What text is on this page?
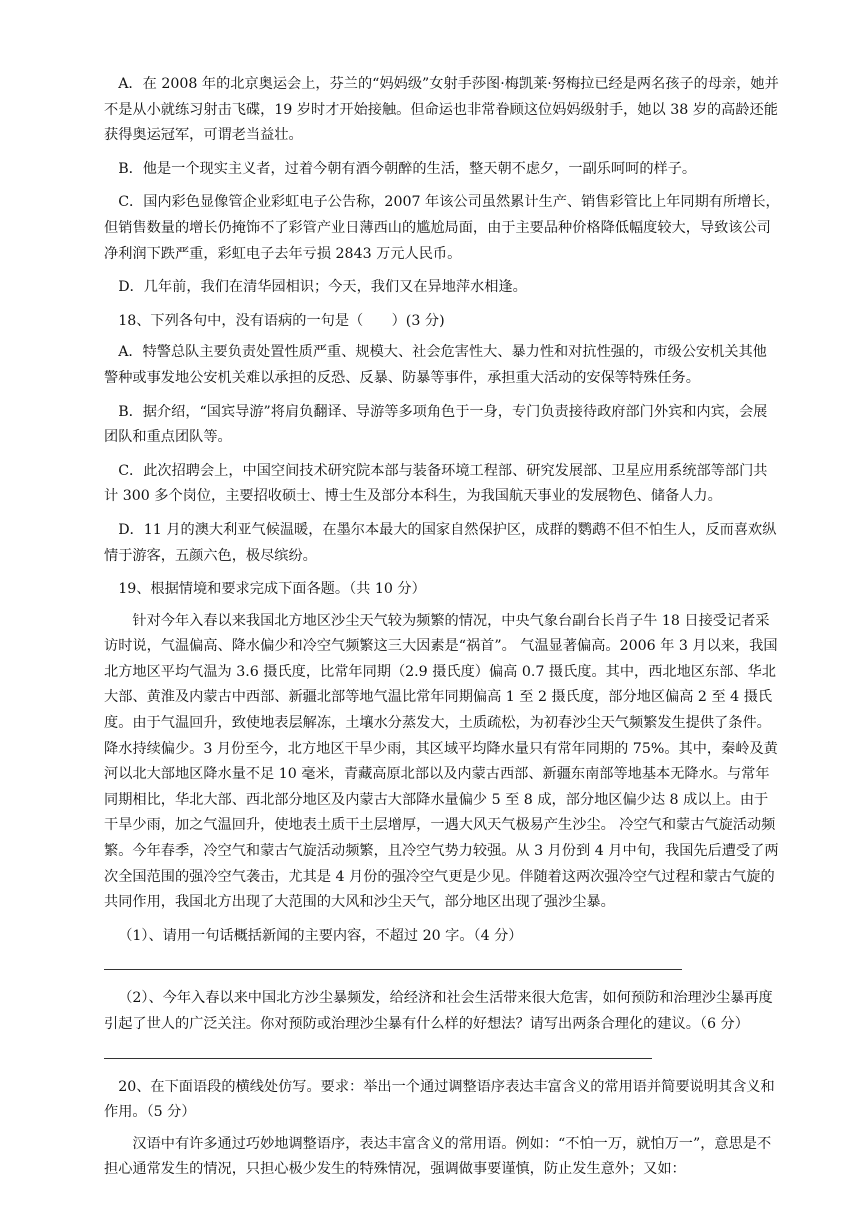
A．在 2008 年的北京奥运会上，芬兰的“妈妈级”女射手莎图·梅凯莱·努梅拉已经是两名孩子的母亲，她并不是从小就练习射击飞碟，19 岁时才开始接触。但命运也非常眷顾这位妈妈级射手，她以 38 岁的高龄还能获得奥运冠军，可谓老当益壮。

B．他是一个现实主义者，过着今朝有酒今朝醉的生活，整天朝不虑夕，一副乐呵呵的样子。

C．国内彩色显像管企业彩虹电子公告称，2007 年该公司虽然累计生产、销售彩管比上年同期有所增长，但销售数量的增长仍掩饰不了彩管产业日薄西山的尴尬局面，由于主要品种价格降低幅度较大，导致该公司净利润下跌严重，彩虹电子去年亏损 2843 万元人民币。

D．几年前，我们在清华园相识；今天，我们又在异地萍水相逢。

18、下列各句中，没有语病的一句是（　　）(3 分)

A．特警总队主要负责处置性质严重、规模大、社会危害性大、暴力性和对抗性强的，市级公安机关其他警种或事发地公安机关难以承担的反恐、反暴、防暴等事件，承担重大活动的安保等特殊任务。

B．据介绍，“国宾导游”将肩负翻译、导游等多项角色于一身，专门负责接待政府部门外宾和内宾，会展团队和重点团队等。

C．此次招聘会上，中国空间技术研究院本部与装备环境工程部、研究发展部、卫星应用系统部等部门共计 300 多个岗位，主要招收硕士、博士生及部分本科生，为我国航天事业的发展物色、储备人力。

D．11 月的澳大利亚气候温暖，在墨尔本最大的国家自然保护区，成群的鹦鹉不但不怕生人，反而喜欢纵情于游客，五颜六色，极尽缤纷。

19、根据情境和要求完成下面各题。（共 10 分）

针对今年入春以来我国北方地区沙尘天气较为频繁的情况，中央气象台副台长肖子牛 18 日接受记者采访时说，气温偏高、降水偏少和冷空气频繁这三大因素是“祸首”。 气温显著偏高。2006 年 3 月以来，我国北方地区平均气温为 3.6 摄氏度，比常年同期（2.9 摄氏度）偏高 0.7 摄氏度。其中，西北地区东部、华北大部、黄淮及内蒙古中西部、新疆北部等地气温比常年同期偏高 1 至 2 摄氏度，部分地区偏高 2 至 4 摄氏度。由于气温回升，致使地表层解冻，土壤水分蒸发大，土质疏松，为初春沙尘天气频繁发生提供了条件。 降水持续偏少。3 月份至今，北方地区干旱少雨，其区域平均降水量只有常年同期的 75%。其中，秦岭及黄河以北大部地区降水量不足 10 毫米，青藏高原北部以及内蒙古西部、新疆东南部等地基本无降水。与常年同期相比，华北大部、西北部分地区及内蒙古大部降水量偏少 5 至 8 成，部分地区偏少达 8 成以上。由于干旱少雨，加之气温回升，使地表土质干土层增厚，一遇大风天气极易产生沙尘。 冷空气和蒙古气旋活动频繁。今年春季，冷空气和蒙古气旋活动频繁，且冷空气势力较强。从 3 月份到 4 月中旬，我国先后遭受了两次全国范围的强冷空气袭击，尤其是 4 月份的强冷空气更是少见。伴随着这两次强冷空气过程和蒙古气旋的共同作用，我国北方出现了大范围的大风和沙尘天气，部分地区出现了强沙尘暴。

（1）、请用一句话概括新闻的主要内容，不超过 20 字。（4 分）

（2）、今年入春以来中国北方沙尘暴频发，给经济和社会生活带来很大危害，如何预防和治理沙尘暴再度引起了世人的广泛关注。你对预防或治理沙尘暴有什么样的好想法？请写出两条合理化的建议。（6 分）

20、在下面语段的横线处仿写。要求：举出一个通过调整语序表达丰富含义的常用语并简要说明其含义和作用。（5 分）

汉语中有许多通过巧妙地调整语序，表达丰富含义的常用语。例如：“不怕一万，就怕万一”，意思是不担心通常发生的情况，只担心极少发生的特殊情况，强调做事要谨慎，防止发生意外；又如：
